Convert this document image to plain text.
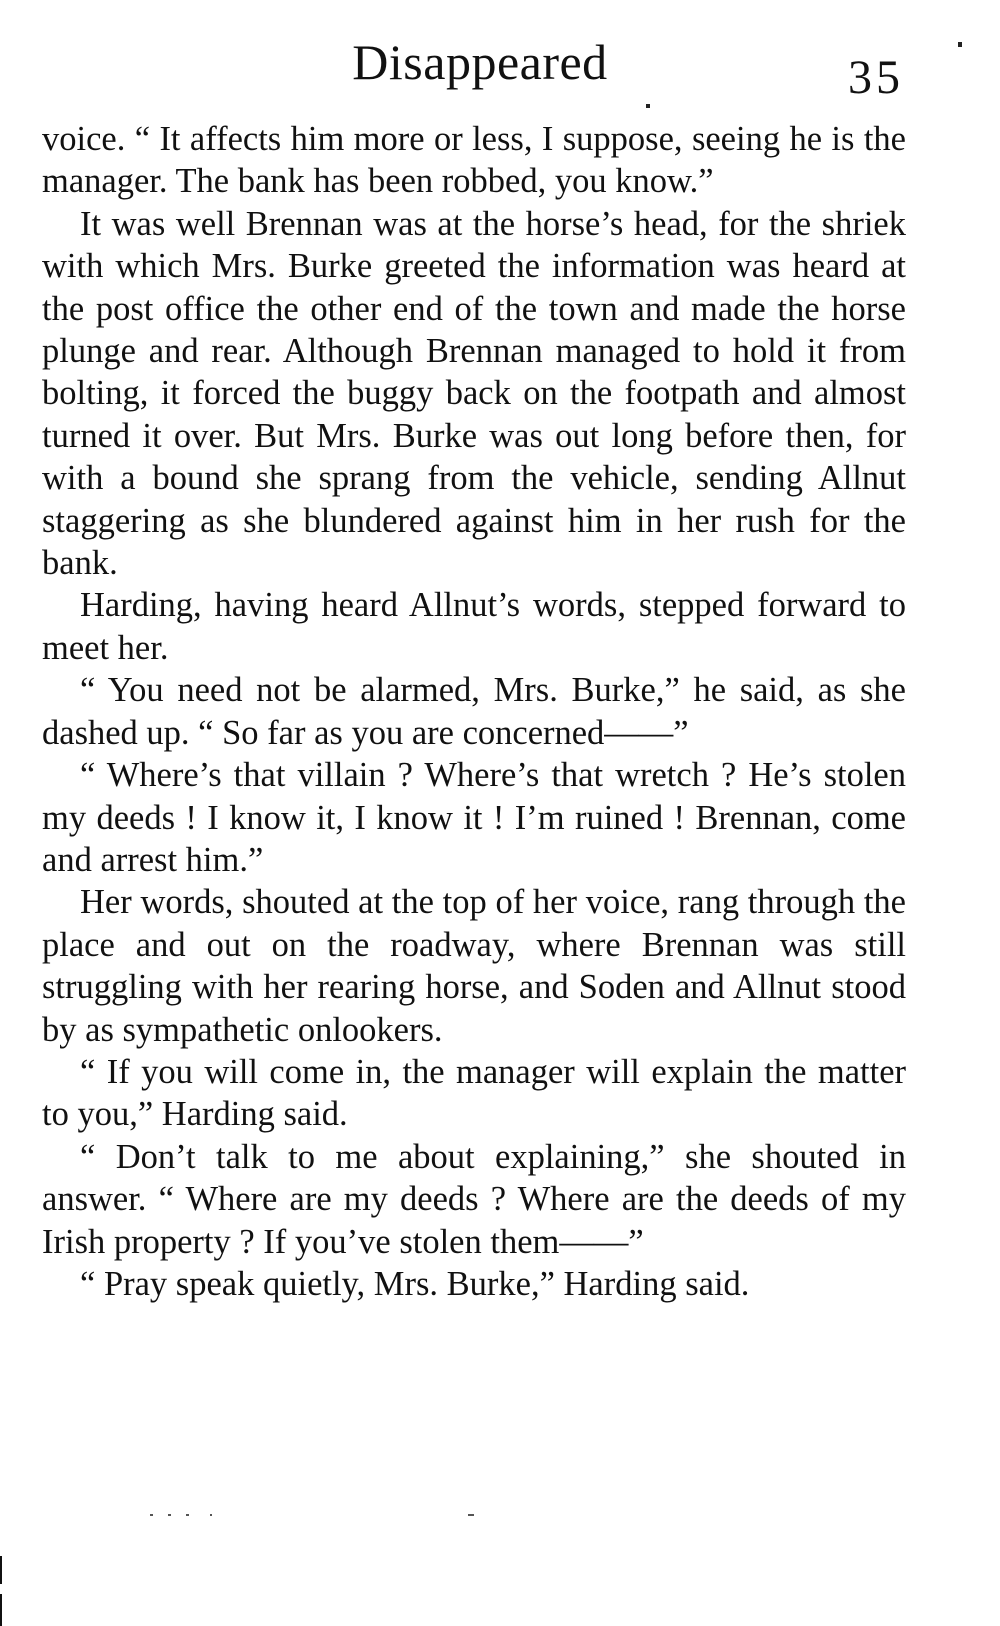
Disappeared	35

voice. “ It affects him more or less, I suppose, seeing he is the manager. The bank has been robbed, you know.”

It was well Brennan was at the horse’s head, for the shriek with which Mrs. Burke greeted the information was heard at the post office the other end of the town and made the horse plunge and rear. Although Brennan managed to hold it from bolting, it forced the buggy back on the footpath and almost turned it over. But Mrs. Burke was out long before then, for with a bound she sprang from the vehicle, sending Allnut staggering as she blundered against him in her rush for the bank.

Harding, having heard Allnut’s words, stepped forward to meet her.

“ You need not be alarmed, Mrs. Burke,” he said, as she dashed up. “ So far as you are concerned——”

“ Where’s that villain ? Where’s that wretch ? He’s stolen my deeds ! I know it, I know it ! I’m ruined ! Brennan, come and arrest him.”

Her words, shouted at the top of her voice, rang through the place and out on the roadway, where Brennan was still struggling with her rearing horse, and Soden and Allnut stood by as sympathetic onlookers.

“ If you will come in, the manager will explain the matter to you,” Harding said.

“ Don’t talk to me about explaining,” she shouted in answer. “ Where are my deeds ? Where are the deeds of my Irish property ? If you’ve stolen them——”

“ Pray speak quietly, Mrs. Burke,” Harding said.
